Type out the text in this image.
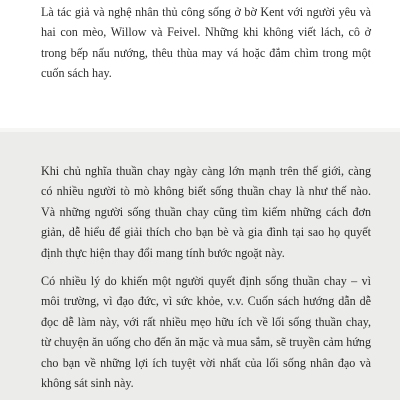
Là tác giả và nghệ nhân thủ công sống ở bờ Kent với người yêu và hai con mèo, Willow và Feivel. Những khi không viết lách, cô ở trong bếp nấu nướng, thêu thùa may vá hoặc đắm chìm trong một cuốn sách hay.

Khi chủ nghĩa thuần chay ngày càng lớn mạnh trên thế giới, càng có nhiều người tò mò không biết sống thuần chay là như thế nào. Và những người sống thuần chay cũng tìm kiếm những cách đơn giản, dễ hiểu để giải thích cho bạn bè và gia đình tại sao họ quyết định thực hiện thay đổi mang tính bước ngoặt này.

Có nhiều lý do khiến một người quyết định sống thuần chay – vì môi trường, vì đạo đức, vì sức khỏe, v.v. Cuốn sách hướng dẫn dễ đọc dễ làm này, với rất nhiều mẹo hữu ích về lối sống thuần chay, từ chuyện ăn uống cho đến ăn mặc và mua sắm, sẽ truyền cảm hứng cho bạn về những lợi ích tuyệt vời nhất của lối sống nhân đạo và không sát sinh này.
